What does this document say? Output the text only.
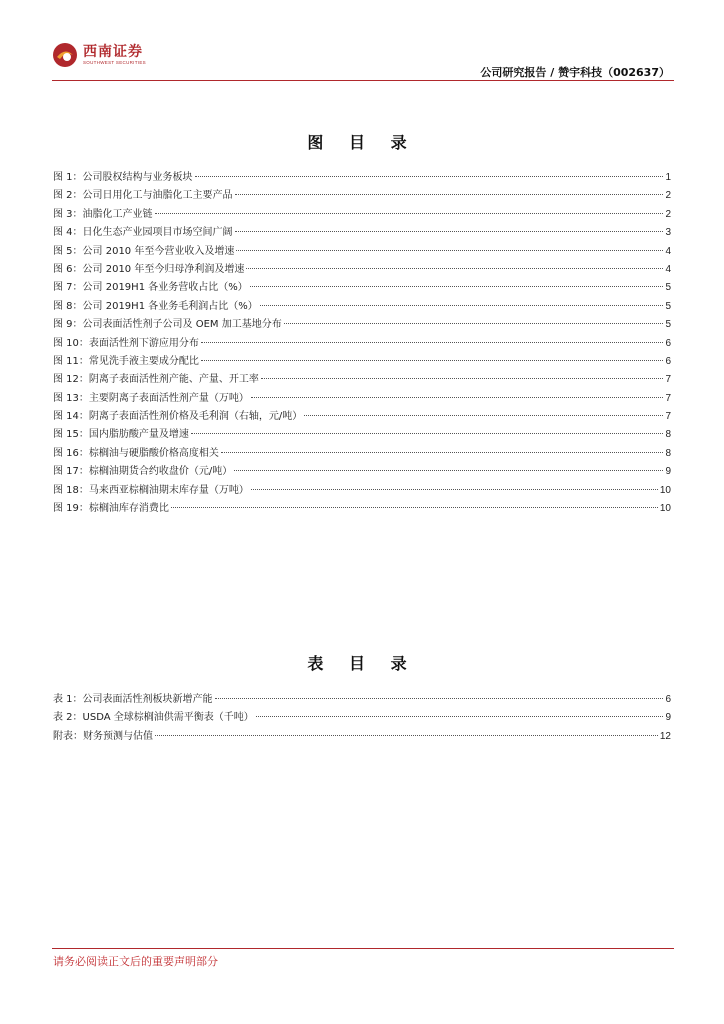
西南证券
SOUTHWEST SECURITIES
公司研究报告 / 赞宇科技（002637）
图 目 录
图 1：公司股权结构与业务板块	1
图 2：公司日用化工与油脂化工主要产品	2
图 3：油脂化工产业链	2
图 4：日化生态产业园项目市场空间广阔	3
图 5：公司 2010 年至今营业收入及增速	4
图 6：公司 2010 年至今归母净利润及增速	4
图 7：公司 2019H1 各业务营收占比（%）	5
图 8：公司 2019H1 各业务毛利润占比（%）	5
图 9：公司表面活性剂子公司及 OEM 加工基地分布	5
图 10：表面活性剂下游应用分布	6
图 11：常见洗手液主要成分配比	6
图 12：阴离子表面活性剂产能、产量、开工率	7
图 13：主要阴离子表面活性剂产量（万吨）	7
图 14：阴离子表面活性剂价格及毛利润（右轴，元/吨）	7
图 15：国内脂肪酸产量及增速	8
图 16：棕榈油与硬脂酸价格高度相关	8
图 17：棕榈油期货合约收盘价（元/吨）	9
图 18：马来西亚棕榈油期末库存量（万吨）	10
图 19：棕榈油库存消费比	10
表 目 录
表 1：公司表面活性剂板块新增产能	6
表 2：USDA 全球棕榈油供需平衡表（千吨）	9
附表：财务预测与估值	12
请务必阅读正文后的重要声明部分
